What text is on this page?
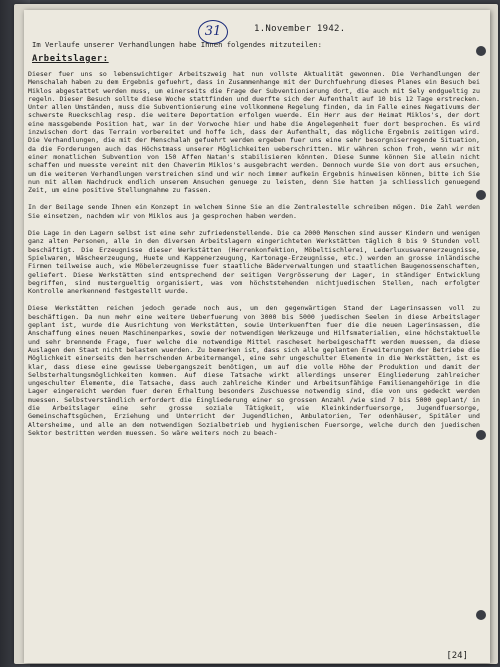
31	1.November 1942.
Im Verlaufe unserer Verhandlungen habe Ihnen folgendes mitzuteilen:
Arbeitslager:

Dieser fuer uns so lebenswichtiger Arbeitszweig hat nun vollste Aktualität gewonnen. Die Verhandlungen der Menschalah haben zu dem Ergebnis gefuehrt, dass in Zusammenhange mit der Durchfuehrung dieses Planes ein Besuch bei Miklos abgestattet werden muss, um einerseits die Frage der Subventionierung dort, die auch mit Sely endgueltig zu regeln. Dieser Besuch sollte diese Woche stattfinden und duerfte sich der Aufenthalt auf 10 bis 12 Tage erstrecken. Unter allen Umständen, muss die Subventionierung eine vollkommene Regelung finden, da im Falle eines Negativums der schwerste Rueckschlag resp. die weitere Deportation erfolgen wuerde. Ein Herr aus der Heimat Miklos's, der dort eine massgebende Position hat, war in der Vorwoche hier und habe die Angelegenheit fuer dort besprochen. Es wird inzwischen dort das Terrain vorbereitet und hoffe ich, dass der Aufenthalt, das mögliche Ergebnis zeitigen wird. Die Verhandlungen, die mit der Menschalah gefuehrt werden ergeben fuer uns eine sehr besorgniserregende Situation, da die Forderungen auch das Höchstmass unserer Möglichkeiten ueberschritten. Wir währen schon froh, wenn wir mit einer monatlichen Subvention von 150 Affen Natan's stabilisieren könnten. Diese Summe können Sie allein nicht schaffen und muesste vereint mit den Chaverim Miklos's ausgebracht werden. Dennoch wurde Sie von dort aus ersuchen, um die weiteren Verhandlungen verstreichen sind und wir noch immer aufkein Ergebnis hinweisen können, bitte ich Sie nun mit allem Nachdruck endlich unserem Ansuchen genuege zu leisten, denn Sie hatten ja schliesslich genuegend Zeit, um eine positive Stellungnahme zu fassen.

In der Beilage sende Ihnen ein Konzept in welchem Sinne Sie an die Zentralestelle schreiben mögen. Die Zahl werden Sie einsetzen, nachdem wir von Miklos aus ja gesprochen haben werden.

Die Lage in den Lagern selbst ist eine sehr zufriedenstellende. Die ca 2000 Menschen sind ausser Kindern und wenigen ganz alten Personen, alle in den diversen Arbeitslagern eingerichteten Werkstätten täglich 8 bis 9 Stunden voll beschäftigt. Die Erzeugnisse dieser Werkstätten (Herrenkonfektion, Möbeltischlerei, Lederluxuswarenerzeugnisse, Spielwaren, Wäscheerzeugung, Huete und Kappenerzeugung, Kartonage-Erzeugnisse, etc.) werden an grosse inländische Firmen teilweise auch, wie Möbelerzeugnisse fuer staatliche Bäderverwaltungen und staatlichen Baugenossenschaften, geliefert. Diese Werkstätten sind entsprechend der seitigen Vergrösserung der Lager, in ständiger Entwicklung begriffen, sind mustergueltig organisiert, was vom höchststehenden nichtjuedischen Stellen, nach erfolgter Kontrolle anerkennend festgestellt wurde.

Diese Werkstätten reichen jedoch gerade noch aus, um den gegenwärtigen Stand der Lagerinsassen voll zu beschäftigen. Da nun mehr eine weitere Ueberfuerung von 3000 bis 5000 juedischen Seelen in diese Arbeitslager geplant ist, wurde die Ausrichtung von Werkstätten, sowie Unterkuenften fuer die die neuen Lagerinsassen, die Anschaffung eines neuen Maschinenparkes, sowie der notwendigen Werkzeuge und Hilfsmaterialien, eine höchstaktuelle und sehr brennende Frage, fuer welche die notwendige Mittel rascheset herbeigeschafft werden muessen, da diese Auslagen den Staat nicht belasten wuerden. Zu bemerken ist, dass sich alle geplanten Erweiterungen der Betriebe die Möglichkeit einerseits den herrschenden Arbeitermangel, eine sehr ungeschulter Elemente in die Werkstätten, ist es klar, dass diese eine gewisse Uebergangszeit benötigen, um auf die volle Höhe der Produktion und damit der Selbsterhaltungsmöglichkeiten kommen. Auf diese Tatsache wirkt allerdings unserer Eingliederung zahlreicher ungeschulter Elemente, die Tatsache, dass auch zahlreiche Kinder und Arbeitsunfähige Familienangehörige in die Lager eingereicht werden fuer deren Erhaltung besonders Zuschuesse notwendig sind, die von uns gedeckt werden muessen. Selbstverständlich erfordert die Eingliederung einer so grossen Anzahl /wie sind 7 bis 5000 geplant/ in die Arbeitslager eine sehr grosse soziale Tätigkeit, wie Kleinkinderfuersorge, Jugendfuersorge, Gemeinschaftsgüchen, Erziehung und Unterricht der Jugendlichen, Ambulatorien, Ter odenhäuser, Spitäler und Altersheime, und alle an dem notwendigen Sozialbetrieb und hygienischen Fuersorge, welche durch den juedischen Sektor bestritten werden muessen. So wäre weiters noch zu beach-

[24]
